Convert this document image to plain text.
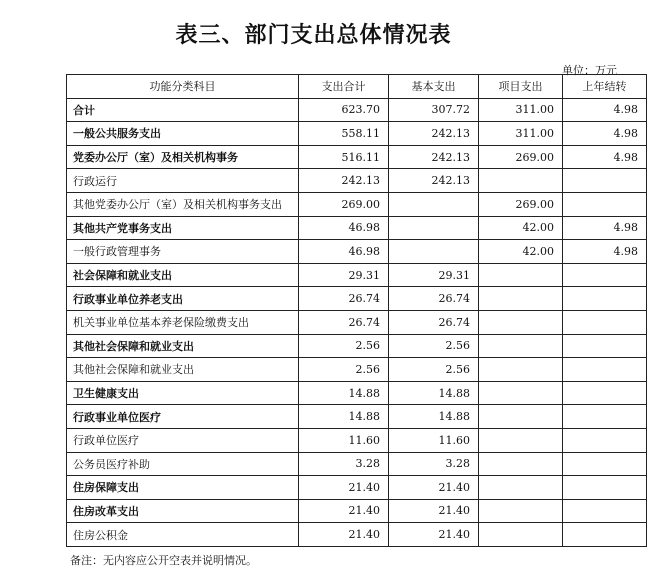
表三、部门支出总体情况表
单位：万元
功能分类科目	支出合计	基本支出	项目支出	上年结转
合计	623.70	307.72	311.00	4.98
一般公共服务支出	558.11	242.13	311.00	4.98
党委办公厅（室）及相关机构事务	516.11	242.13	269.00	4.98
行政运行	242.13	242.13		
其他党委办公厅（室）及相关机构事务支出	269.00		269.00	
其他共产党事务支出	46.98		42.00	4.98
一般行政管理事务	46.98		42.00	4.98
社会保障和就业支出	29.31	29.31		
行政事业单位养老支出	26.74	26.74		
机关事业单位基本养老保险缴费支出	26.74	26.74		
其他社会保障和就业支出	2.56	2.56		
其他社会保障和就业支出	2.56	2.56		
卫生健康支出	14.88	14.88		
行政事业单位医疗	14.88	14.88		
行政单位医疗	11.60	11.60		
公务员医疗补助	3.28	3.28		
住房保障支出	21.40	21.40		
住房改革支出	21.40	21.40		
住房公积金	21.40	21.40		
备注：无内容应公开空表并说明情况。
